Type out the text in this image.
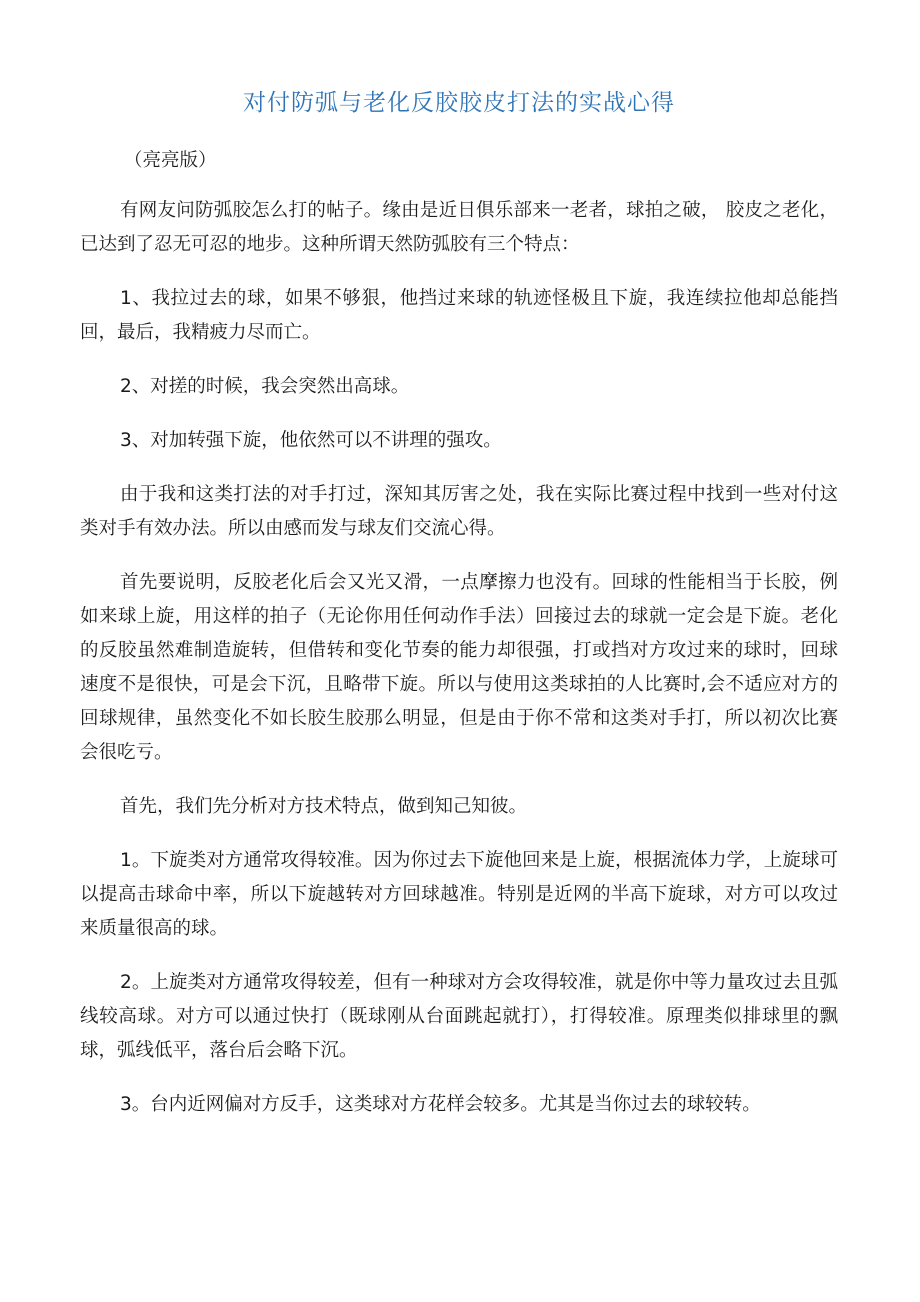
对付防弧与老化反胶胶皮打法的实战心得

（亮亮版）

有网友问防弧胶怎么打的帖子。缘由是近日俱乐部来一老者，球拍之破， 胶皮之老化，已达到了忍无可忍的地步。这种所谓天然防弧胶有三个特点：

1、我拉过去的球，如果不够狠，他挡过来球的轨迹怪极且下旋，我连续拉他却总能挡回，最后，我精疲力尽而亡。

2、对搓的时候，我会突然出高球。

3、对加转强下旋，他依然可以不讲理的强攻。

由于我和这类打法的对手打过，深知其厉害之处，我在实际比赛过程中找到一些对付这类对手有效办法。所以由感而发与球友们交流心得。

首先要说明，反胶老化后会又光又滑，一点摩擦力也没有。回球的性能相当于长胶，例如来球上旋，用这样的拍子（无论你用任何动作手法）回接过去的球就一定会是下旋。老化的反胶虽然难制造旋转，但借转和变化节奏的能力却很强，打或挡对方攻过来的球时，回球速度不是很快，可是会下沉，且略带下旋。所以与使用这类球拍的人比赛时,会不适应对方的回球规律，虽然变化不如长胶生胶那么明显，但是由于你不常和这类对手打，所以初次比赛会很吃亏。

首先，我们先分析对方技术特点，做到知己知彼。

1。下旋类对方通常攻得较准。因为你过去下旋他回来是上旋，根据流体力学，上旋球可以提高击球命中率，所以下旋越转对方回球越准。特别是近网的半高下旋球，对方可以攻过来质量很高的球。

2。上旋类对方通常攻得较差，但有一种球对方会攻得较准，就是你中等力量攻过去且弧线较高球。对方可以通过快打（既球刚从台面跳起就打），打得较准。原理类似排球里的飘球，弧线低平，落台后会略下沉。

3。台内近网偏对方反手，这类球对方花样会较多。尤其是当你过去的球较转。
